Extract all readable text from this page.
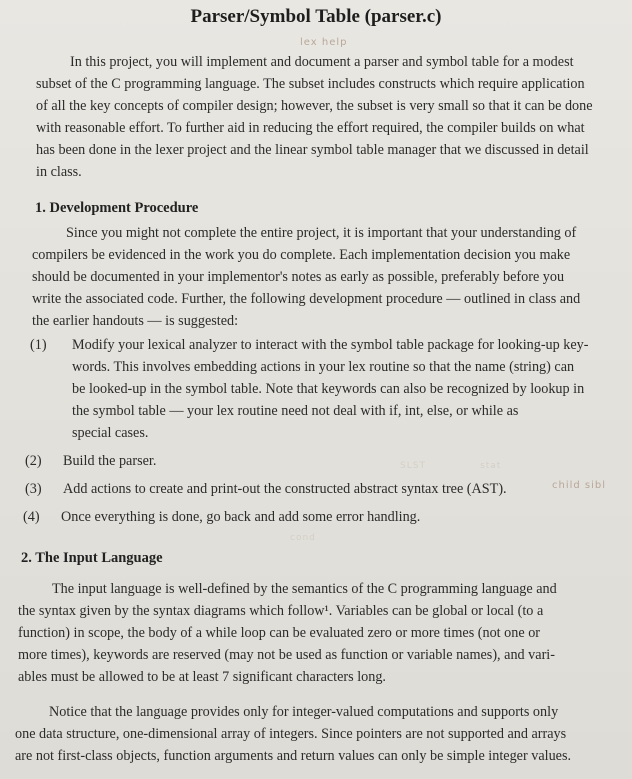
Parser/Symbol Table (parser.c)
lex help
In this project, you will implement and document a parser and symbol table for a modest
subset of the C programming language. The subset includes constructs which require application
of all the key concepts of compiler design; however, the subset is very small so that it can be done
with reasonable effort. To further aid in reducing the effort required, the compiler builds on what
has been done in the lexer project and the linear symbol table manager that we discussed in detail
in class.
1. Development Procedure
Since you might not complete the entire project, it is important that your understanding of
compilers be evidenced in the work you do complete. Each implementation decision you make
should be documented in your implementor's notes as early as possible, preferably before you
write the associated code. Further, the following development procedure — outlined in class and
the earlier handouts — is suggested:
(1) Modify your lexical analyzer to interact with the symbol table package for looking-up key-
words. This involves embedding actions in your lex routine so that the name (string) can
be looked-up in the symbol table. Note that keywords can also be recognized by lookup in
the symbol table — your lex routine need not deal with if, int, else, or while as
special cases.
SLST	stat
cond
(2) Build the parser.
(3) Add actions to create and print-out the constructed abstract syntax tree (AST).	child sibl
(4) Once everything is done, go back and add some error handling.
2. The Input Language
The input language is well-defined by the semantics of the C programming language and
the syntax given by the syntax diagrams which follow¹. Variables can be global or local (to a
function) in scope, the body of a while loop can be evaluated zero or more times (not one or
more times), keywords are reserved (may not be used as function or variable names), and vari-
ables must be allowed to be at least 7 significant characters long.
Notice that the language provides only for integer-valued computations and supports only
one data structure, one-dimensional array of integers. Since pointers are not supported and arrays
are not first-class objects, function arguments and return values can only be simple integer values.
